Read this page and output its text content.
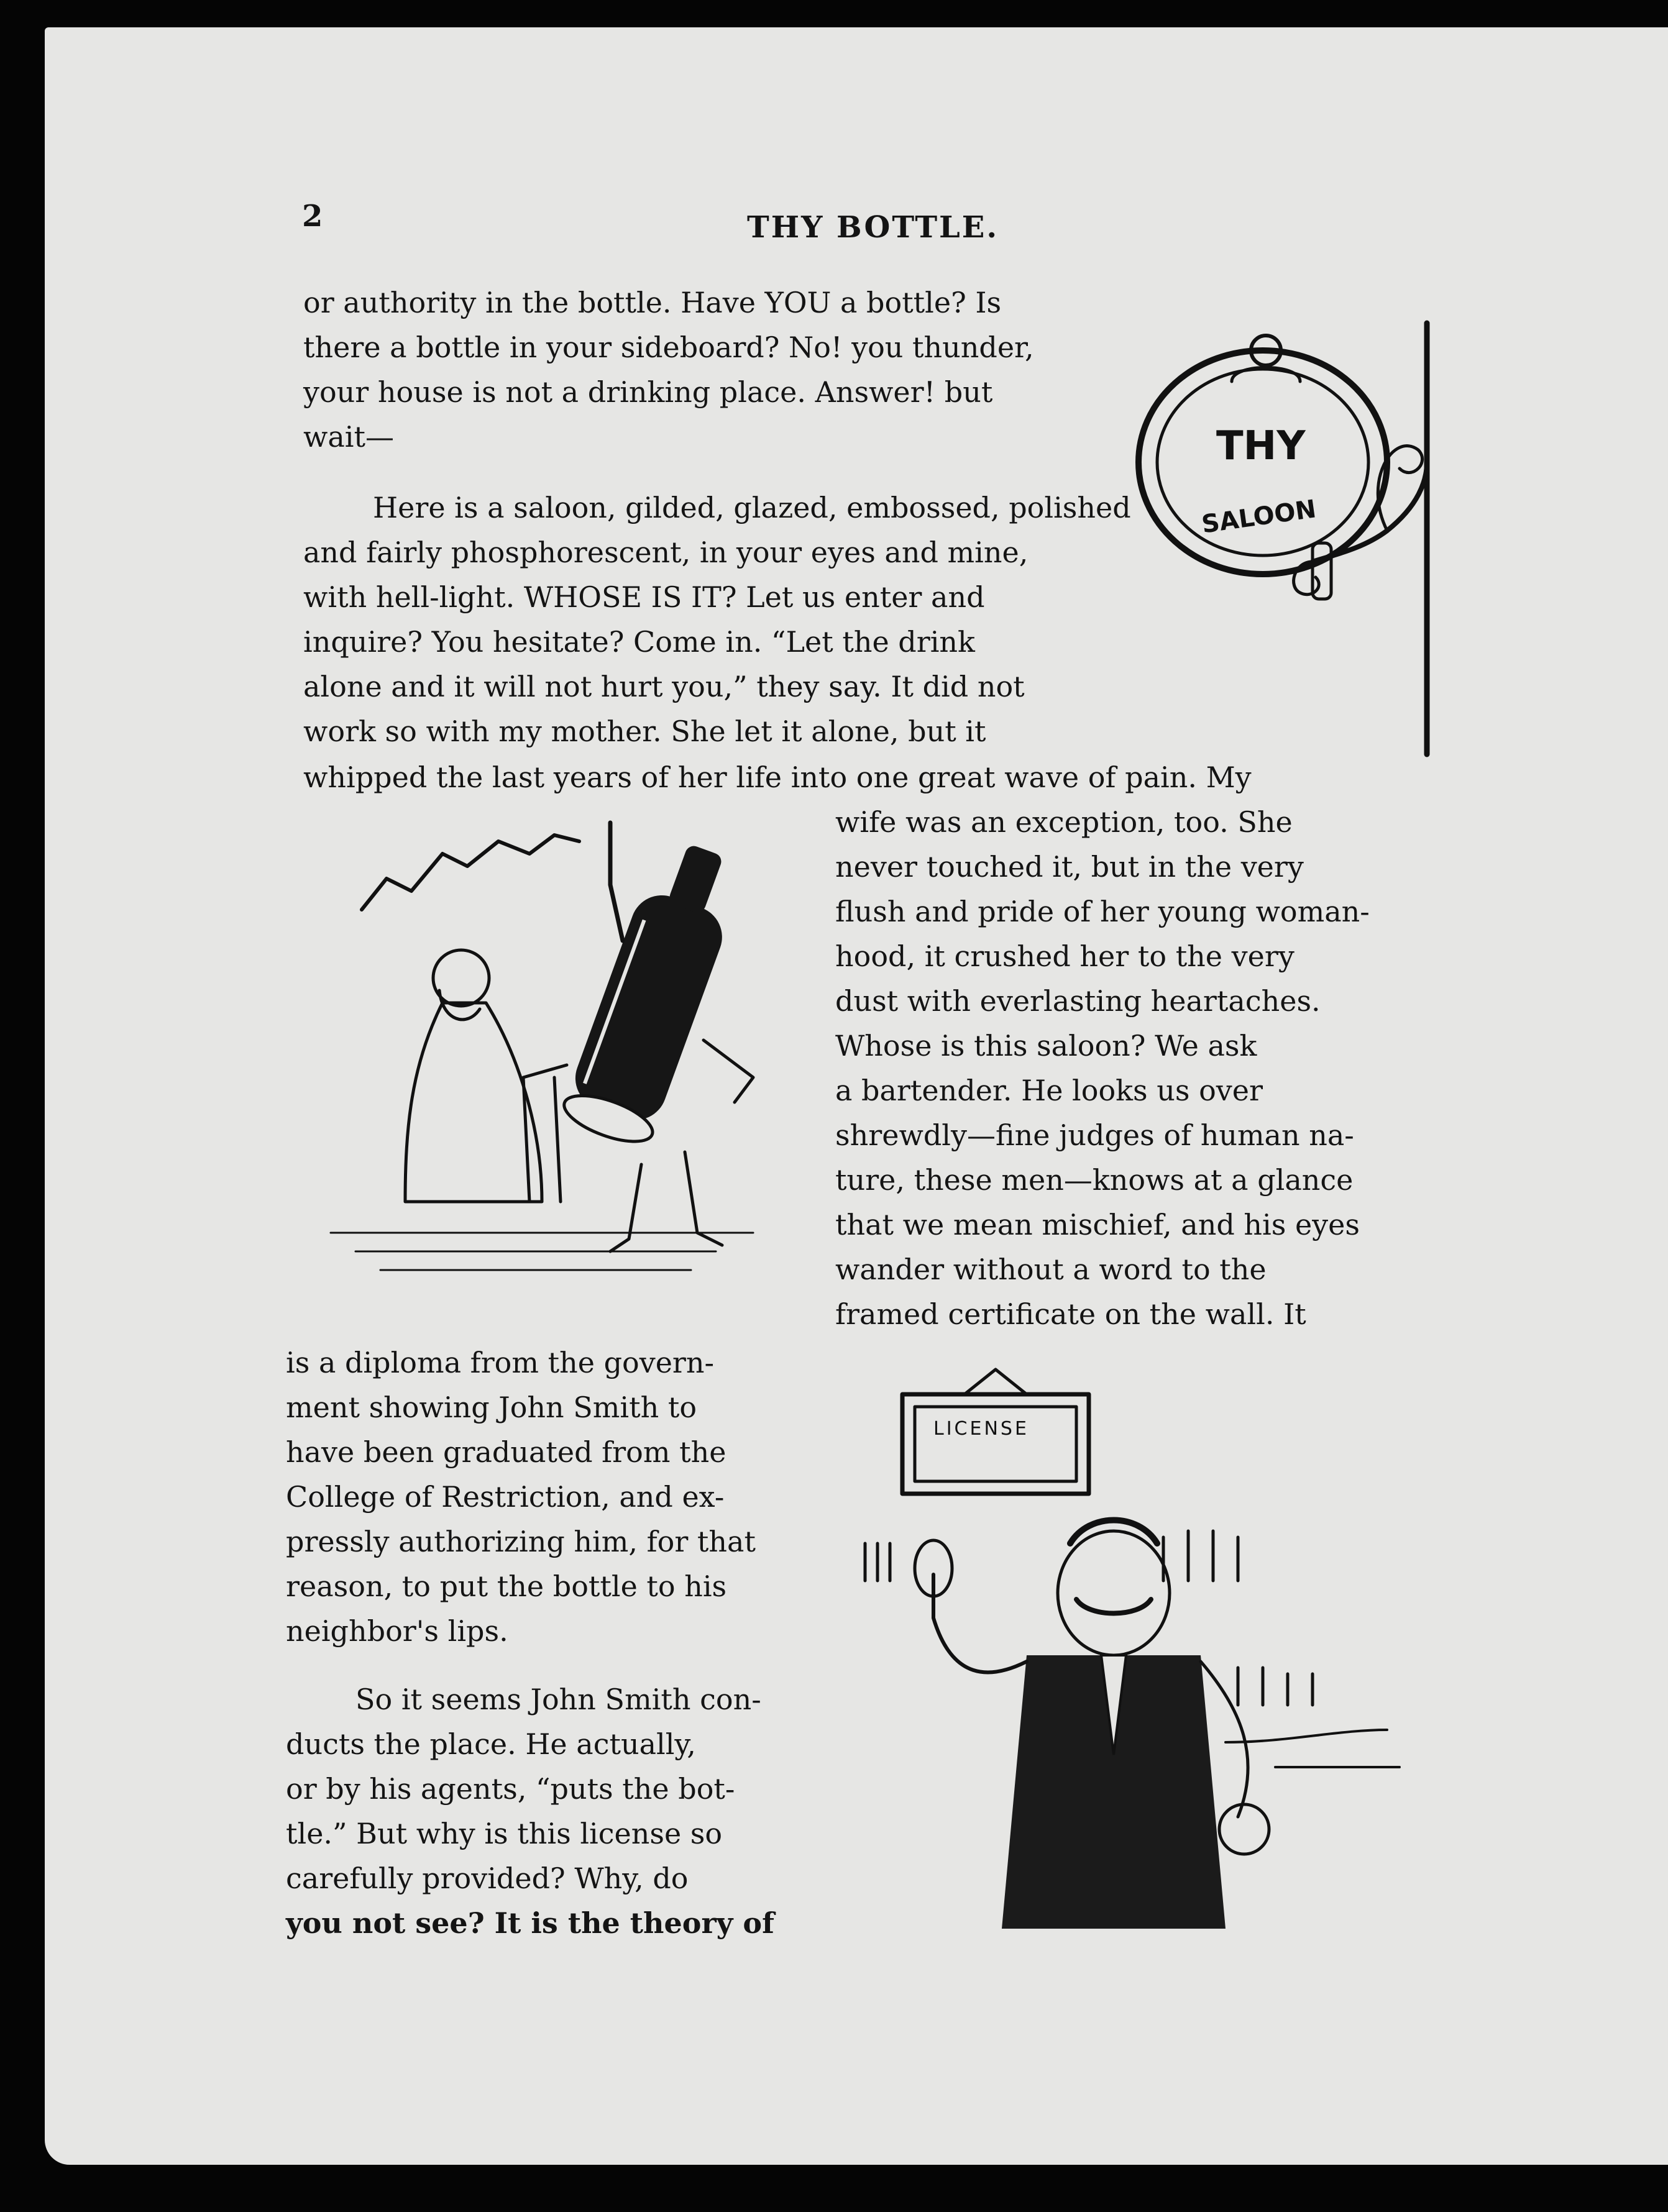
2	THY BOTTLE.
or authority in the bottle. Have YOU a bottle? Is
there a bottle in your sideboard? No! you thunder,
your house is not a drinking place. Answer! but
wait—
Here is a saloon, gilded, glazed, embossed, polished
and fairly phosphorescent, in your eyes and mine,
with hell-light. WHOSE IS IT? Let us enter and
inquire? You hesitate? Come in. “Let the drink
alone and it will not hurt you,” they say. It did not
work so with my mother. She let it alone, but it
whipped the last years of her life into one great wave of pain. My
wife was an exception, too. She
never touched it, but in the very
flush and pride of her young woman-
hood, it crushed her to the very
dust with everlasting heartaches.
Whose is this saloon? We ask
a bartender. He looks us over
shrewdly—fine judges of human na-
ture, these men—knows at a glance
that we mean mischief, and his eyes
wander without a word to the
framed certificate on the wall. It
is a diploma from the govern-
ment showing John Smith to
have been graduated from the
College of Restriction, and ex-
pressly authorizing him, for that
reason, to put the bottle to his
neighbor's lips.
So it seems John Smith con-
ducts the place. He actually,
or by his agents, “puts the bot-
tle.” But why is this license so
carefully provided? Why, do
you not see? It is the theory of
THY
SALOON
LICENSE
